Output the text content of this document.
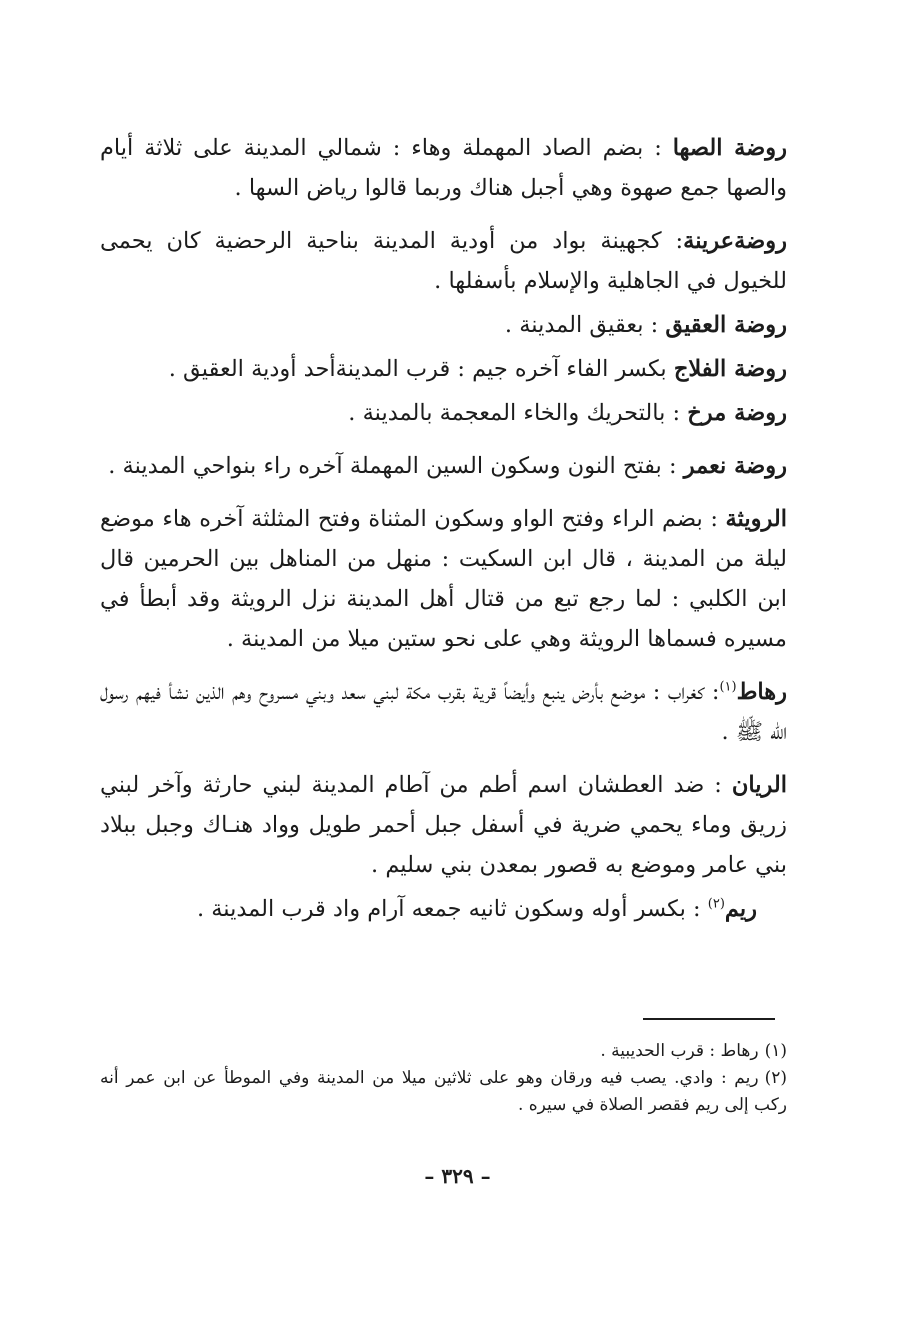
روضة الصها : بضم الصاد المهملة وهاء : شمالي المدينة على ثلاثة أيام والصها جمع صهوة وهي أجبل هناك وربما قالوا رياض السها .

روضةعرينة: كجهينة بواد من أودية المدينة بناحية الرحضية كان يحمى للخيول في الجاهلية والإسلام بأسفلها .

روضة العقيق : بعقيق المدينة .

روضة الفلاج بكسر الفاء آخره جيم : قرب المدينةأحد أودية العقيق .

روضة مرخ : بالتحريك والخاء المعجمة بالمدينة .

روضة نعمر : بفتح النون وسكون السين المهملة آخره راء بنواحي المدينة .

الرويثة : بضم الراء وفتح الواو وسكون المثناة وفتح المثلثة آخره هاء موضع ليلة من المدينة ، قال ابن السكيت : منهل من المناهل بين الحرمين قال ابن الكلبي : لما رجع تبع من قتال أهل المدينة نزل الرويثة وقد أبطأ في مسيره فسماها الرويثة وهي على نحو ستين ميلا من المدينة .

رهاط$^{(١)}$: كغراب : موضع بأرض ينبع وأيضاً قرية بقرب مكة لبني سعد وبني مسروح وهم الذين نشأ فيهم رسول الله ﷺ .

الريان : ضد العطشان اسم أطم من آطام المدينة لبني حارثة وآخر لبني زريق وماء يحمي ضرية في أسفل جبل أحمر طويل وواد هنـاك وجبل ببلاد بني عامر وموضع به قصور بمعدن بني سليم .

ريم$^{(٢)}$ : بكسر أوله وسكون ثانيه جمعه آرام واد قرب المدينة .

(١)رهاط : قرب الحديبية .

(٢)ريم : وادي. يصب فيه ورقان وهو على ثلاثين ميلا من المدينة وفي الموطأ عن ابن عمر أنه ركب إلى ريم فقصر الصلاة في سيره .

– ٣٢٩ –
